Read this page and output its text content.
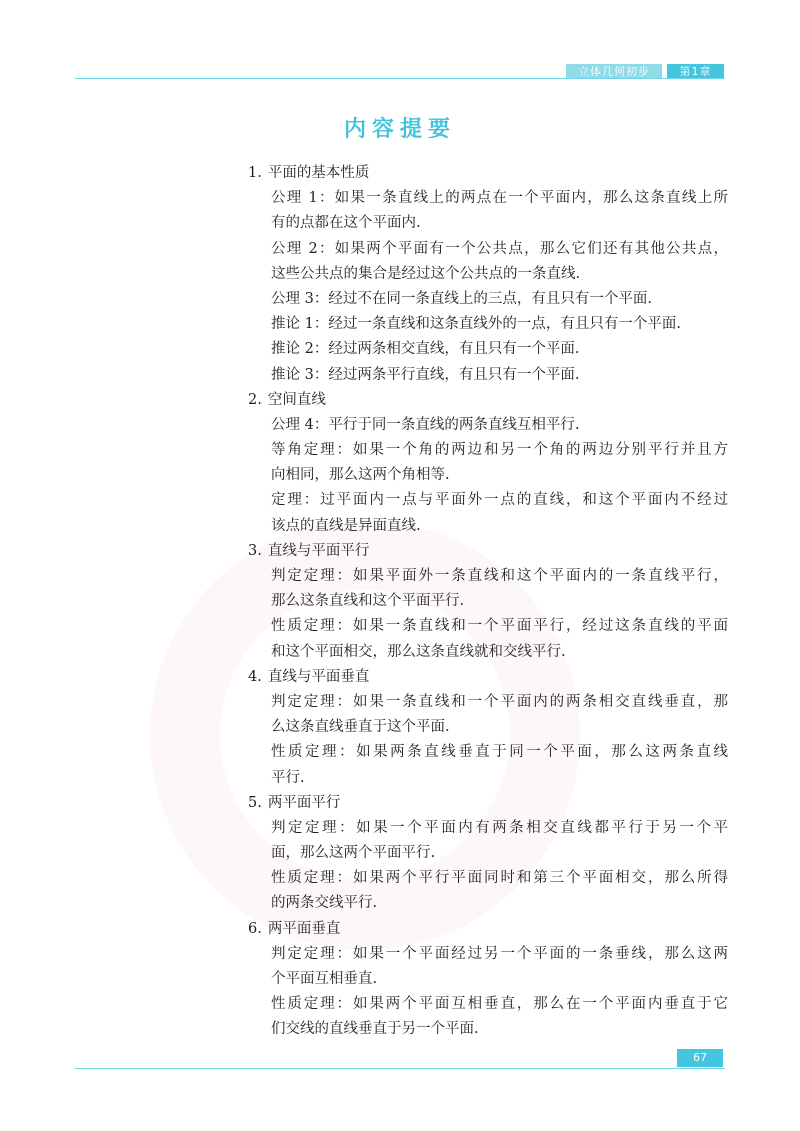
立体几何初步	第1章
内容提要
1. 平面的基本性质
公理 1：如果一条直线上的两点在一个平面内，那么这条直线上所
有的点都在这个平面内.
公理 2：如果两个平面有一个公共点，那么它们还有其他公共点，
这些公共点的集合是经过这个公共点的一条直线.
公理 3：经过不在同一条直线上的三点，有且只有一个平面.
推论 1：经过一条直线和这条直线外的一点，有且只有一个平面.
推论 2：经过两条相交直线，有且只有一个平面.
推论 3：经过两条平行直线，有且只有一个平面.
2. 空间直线
公理 4：平行于同一条直线的两条直线互相平行.
等角定理：如果一个角的两边和另一个角的两边分别平行并且方
向相同，那么这两个角相等.
定理：过平面内一点与平面外一点的直线，和这个平面内不经过
该点的直线是异面直线.
3. 直线与平面平行
判定定理：如果平面外一条直线和这个平面内的一条直线平行，
那么这条直线和这个平面平行.
性质定理：如果一条直线和一个平面平行，经过这条直线的平面
和这个平面相交，那么这条直线就和交线平行.
4. 直线与平面垂直
判定定理：如果一条直线和一个平面内的两条相交直线垂直，那
么这条直线垂直于这个平面.
性质定理：如果两条直线垂直于同一个平面，那么这两条直线
平行.
5. 两平面平行
判定定理：如果一个平面内有两条相交直线都平行于另一个平
面，那么这两个平面平行.
性质定理：如果两个平行平面同时和第三个平面相交，那么所得
的两条交线平行.
6. 两平面垂直
判定定理：如果一个平面经过另一个平面的一条垂线，那么这两
个平面互相垂直.
性质定理：如果两个平面互相垂直，那么在一个平面内垂直于它
们交线的直线垂直于另一个平面.
67
